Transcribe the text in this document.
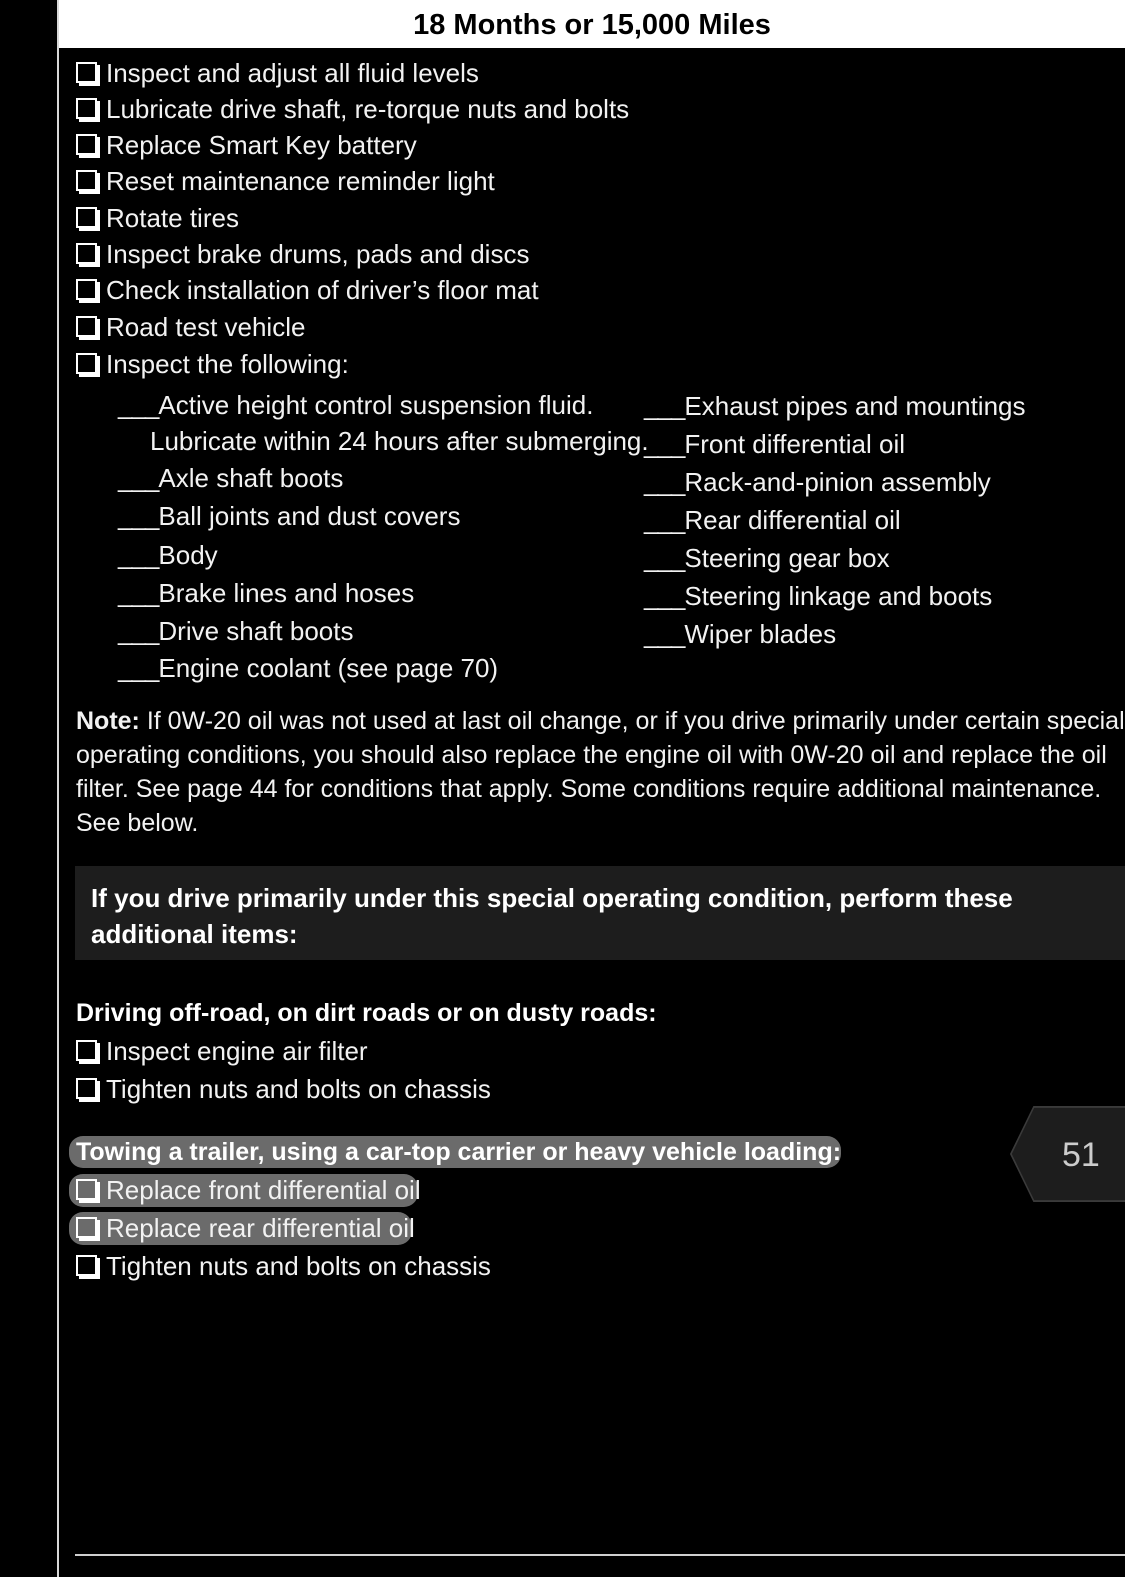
18 Months or 15,000 Miles
Inspect and adjust all fluid levels
Lubricate drive shaft, re-torque nuts and bolts
Replace Smart Key battery
Reset maintenance reminder light
Rotate tires
Inspect brake drums, pads and discs
Check installation of driver’s floor mat
Road test vehicle
Inspect the following:
___Active height control suspension fluid.
Lubricate within 24 hours after submerging.
___Axle shaft boots
___Ball joints and dust covers
___Body
___Brake lines and hoses
___Drive shaft boots
___Engine coolant (see page 70)
___Exhaust pipes and mountings
___Front differential oil
___Rack-and-pinion assembly
___Rear differential oil
___Steering gear box
___Steering linkage and boots
___Wiper blades
Note: If 0W-20 oil was not used at last oil change, or if you drive primarily under certain special operating conditions, you should also replace the engine oil with 0W-20 oil and replace the oil filter. See page 44 for conditions that apply. Some conditions require additional maintenance. See below.
If you drive primarily under this special operating condition, perform these additional items:
Driving off-road, on dirt roads or on dusty roads:
Inspect engine air filter
Tighten nuts and bolts on chassis
Towing a trailer, using a car-top carrier or heavy vehicle loading:
Replace front differential oil
Replace rear differential oil
Tighten nuts and bolts on chassis
51
